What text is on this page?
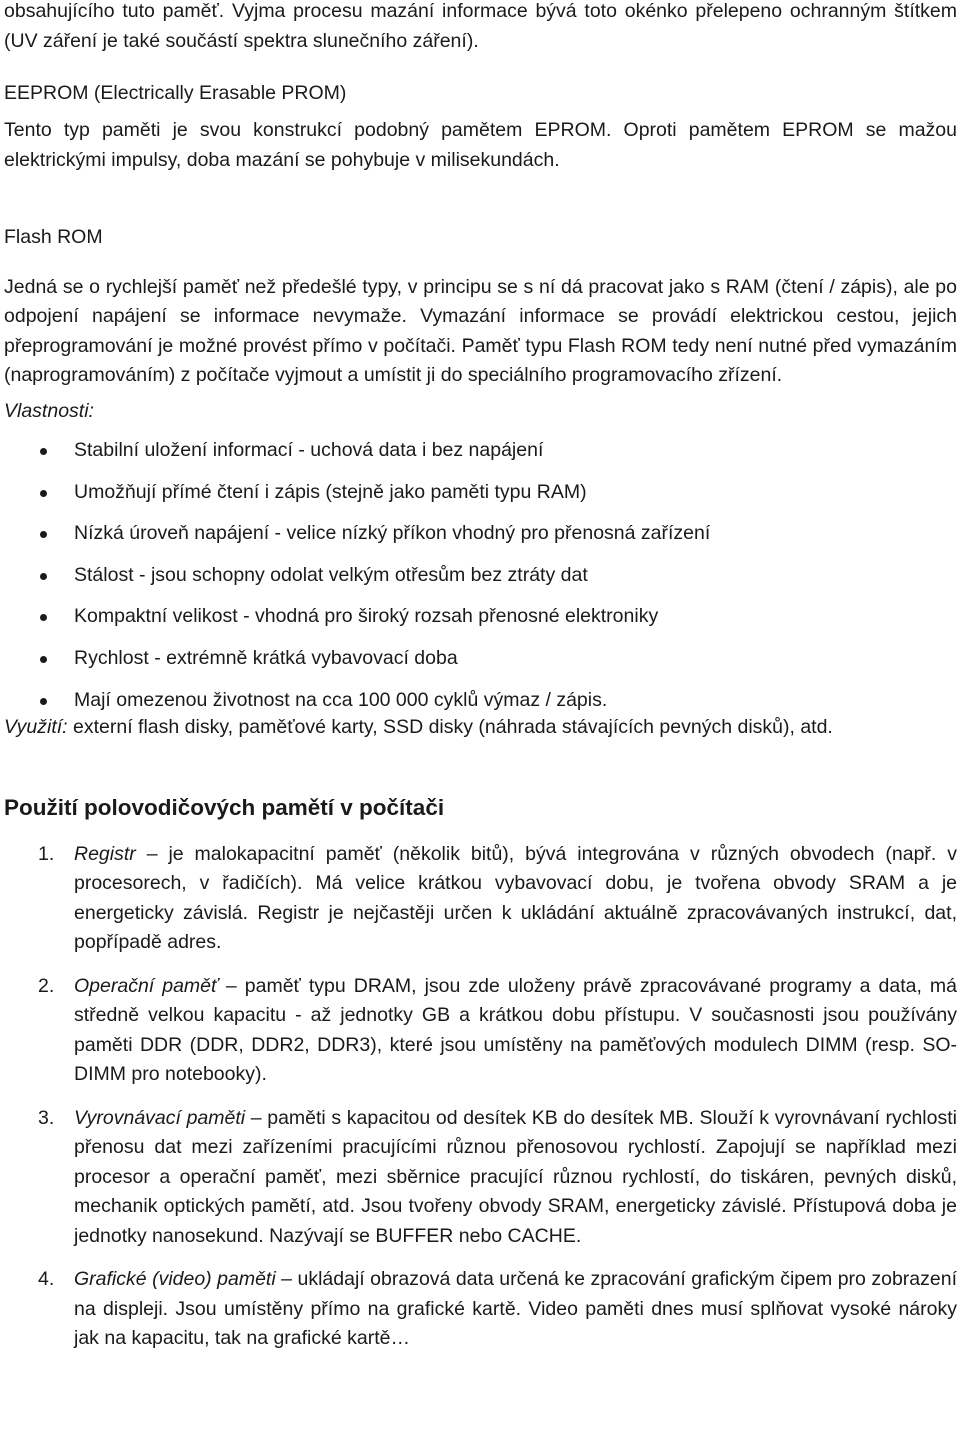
obsahujícího tuto paměť. Vyjma procesu mazání informace bývá toto okénko přelepeno ochranným štítkem (UV záření je také součástí spektra slunečního záření).

EEPROM (Electrically Erasable PROM)

Tento typ paměti je svou konstrukcí podobný pamětem EPROM. Oproti pamětem EPROM se mažou elektrickými impulsy, doba mazání se pohybuje v milisekundách.

Flash ROM

Jedná se o rychlejší paměť než předešlé typy, v principu se s ní dá pracovat jako s RAM (čtení / zápis), ale po odpojení napájení se informace nevymaže. Vymazání informace se provádí elektrickou cestou, jejich přeprogramování je možné provést přímo v počítači. Paměť typu Flash ROM tedy není nutné před vymazáním (naprogramováním) z počítače vyjmout a umístit ji do speciálního programovacího zřízení.

Vlastnosti:

Stabilní uložení informací - uchová data i bez napájení
Umožňují přímé čtení i zápis (stejně jako paměti typu RAM)
Nízká úroveň napájení - velice nízký příkon vhodný pro přenosná zařízení
Stálost - jsou schopny odolat velkým otřesům bez ztráty dat
Kompaktní velikost - vhodná pro široký rozsah přenosné elektroniky
Rychlost - extrémně krátká vybavovací doba
Mají omezenou životnost na cca 100 000 cyklů výmaz / zápis.

Využití: externí flash disky, paměťové karty, SSD disky (náhrada stávajících pevných disků), atd.

Použití polovodičových pamětí v počítači
1. Registr – je malokapacitní paměť (několik bitů), bývá integrována v různých obvodech (např. v procesorech, v řadičích). Má velice krátkou vybavovací dobu, je tvořena obvody SRAM a je energeticky závislá. Registr je nejčastěji určen k ukládání aktuálně zpracovávaných instrukcí, dat, popřípadě adres.

2. Operační paměť – paměť typu DRAM, jsou zde uloženy právě zpracovávané programy a data, má středně velkou kapacitu - až jednotky GB a krátkou dobu přístupu. V současnosti jsou používány paměti DDR (DDR, DDR2, DDR3), které jsou umístěny na paměťových modulech DIMM (resp. SO-DIMM pro notebooky).

3. Vyrovnávací paměti – paměti s kapacitou od desítek KB do desítek MB. Slouží k vyrovnávaní rychlosti přenosu dat mezi zařízeními pracujícími různou přenosovou rychlostí. Zapojují se například mezi procesor a operační paměť, mezi sběrnice pracující různou rychlostí, do tiskáren, pevných disků, mechanik optických pamětí, atd. Jsou tvořeny obvody SRAM, energeticky závislé. Přístupová doba je jednotky nanosekund. Nazývají se BUFFER nebo CACHE.

4. Grafické (video) paměti – ukládají obrazová data určená ke zpracování grafickým čipem pro zobrazení na displeji. Jsou umístěny přímo na grafické kartě. Video paměti dnes musí splňovat vysoké nároky jak na kapacitu, tak na grafické kartě…
